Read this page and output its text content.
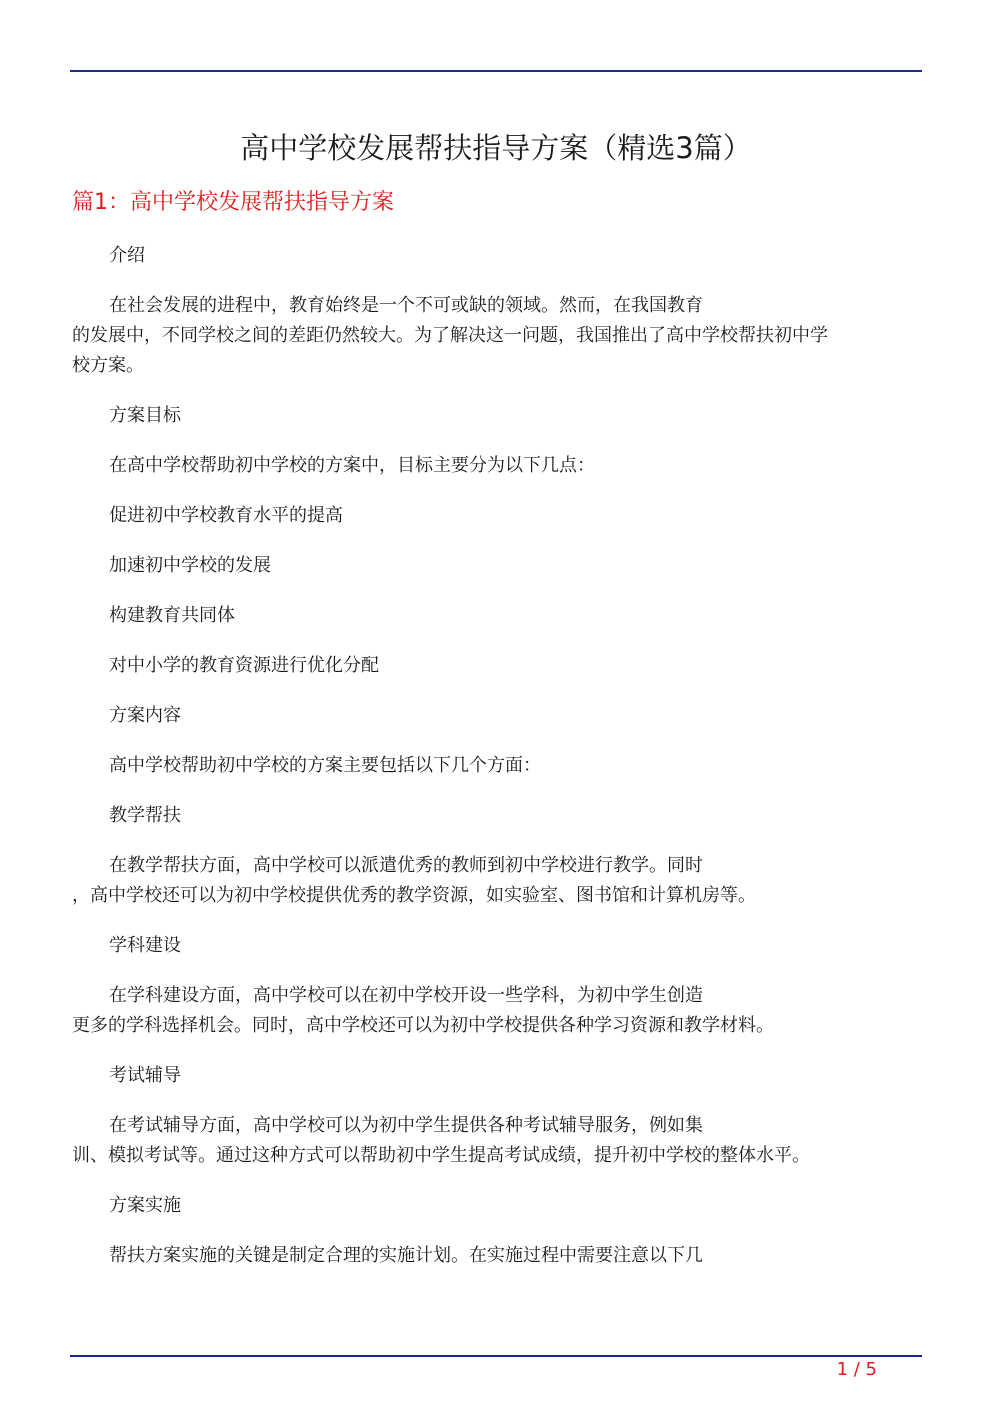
高中学校发展帮扶指导方案（精选3篇）
篇1：高中学校发展帮扶指导方案

介绍

在社会发展的进程中，教育始终是一个不可或缺的领域。然而，在我国教育

的发展中，不同学校之间的差距仍然较大。为了解决这一问题，我国推出了高中学校帮扶初中学

校方案。

方案目标

在高中学校帮助初中学校的方案中，目标主要分为以下几点：

促进初中学校教育水平的提高

加速初中学校的发展

构建教育共同体

对中小学的教育资源进行优化分配

方案内容

高中学校帮助初中学校的方案主要包括以下几个方面：

教学帮扶

在教学帮扶方面，高中学校可以派遣优秀的教师到初中学校进行教学。同时

，高中学校还可以为初中学校提供优秀的教学资源，如实验室、图书馆和计算机房等。

学科建设

在学科建设方面，高中学校可以在初中学校开设一些学科，为初中学生创造

更多的学科选择机会。同时，高中学校还可以为初中学校提供各种学习资源和教学材料。

考试辅导

在考试辅导方面，高中学校可以为初中学生提供各种考试辅导服务，例如集

训、模拟考试等。通过这种方式可以帮助初中学生提高考试成绩，提升初中学校的整体水平。

方案实施

帮扶方案实施的关键是制定合理的实施计划。在实施过程中需要注意以下几

1 / 5
